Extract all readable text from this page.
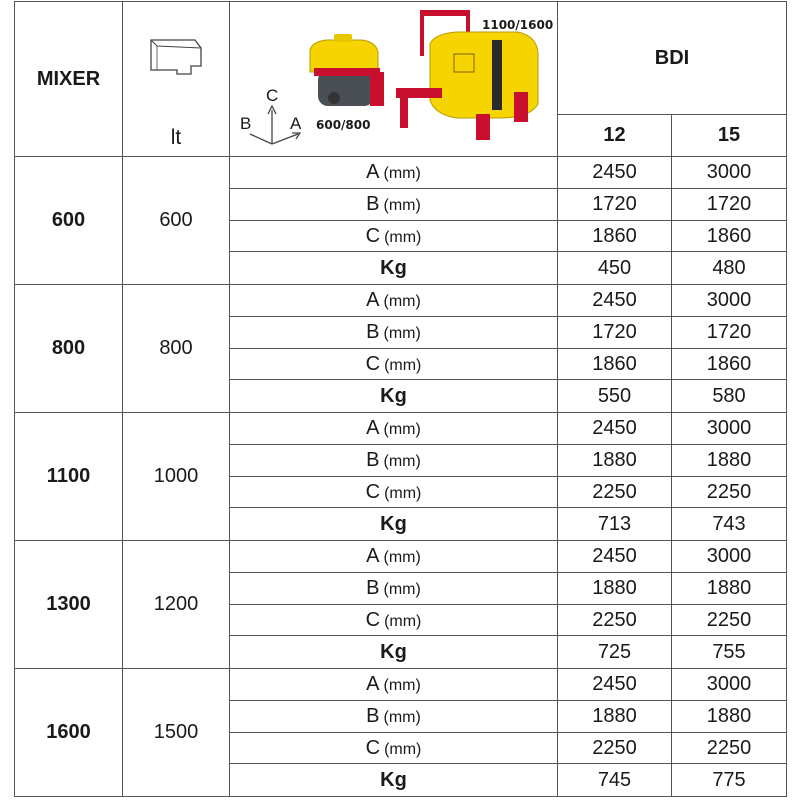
MIXER	lt	1100/1600
600/800
C
B A	BDI	
			12	15
600	600	A (mm)	2450	3000
		B (mm)	1720	1720
		C (mm)	1860	1860
		Kg	450	480
800	800	A (mm)	2450	3000
		B (mm)	1720	1720
		C (mm)	1860	1860
		Kg	550	580
1100	1000	A (mm)	2450	3000
		B (mm)	1880	1880
		C (mm)	2250	2250
		Kg	713	743
1300	1200	A (mm)	2450	3000
		B (mm)	1880	1880
		C (mm)	2250	2250
		Kg	725	755
1600	1500	A (mm)	2450	3000
		B (mm)	1880	1880
		C (mm)	2250	2250
		Kg	745	775
